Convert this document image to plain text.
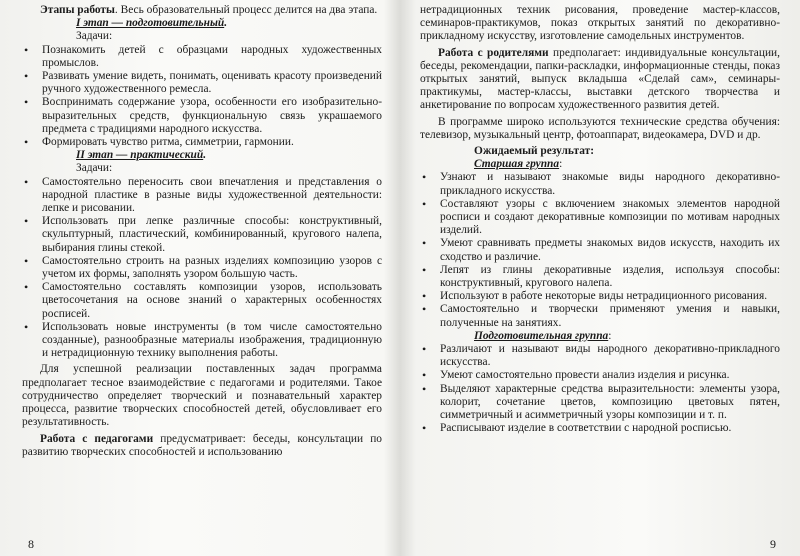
Этапы работы. Весь образовательный процесс делится на два этапа.

I этап — подготовительный.

Задачи:

• Познакомить детей с образцами народных художественных промыслов.
• Развивать умение видеть, понимать, оценивать красоту произведений ручного художественного ремесла.
• Воспринимать содержание узора, особенности его изобразительно-выразительных средств, функциональную связь украшаемого предмета с традициями народного искусства.
• Формировать чувство ритма, симметрии, гармонии.

II этап — практический.

Задачи:

• Самостоятельно переносить свои впечатления и представления о народной пластике в разные виды художественной деятельности: лепке и рисовании.
• Использовать при лепке различные способы: конструктивный, скульптурный, пластический, комбинированный, кругового налепа, выбирания глины стекой.
• Самостоятельно строить на разных изделиях композицию узоров с учетом их формы, заполнять узором большую часть.
• Самостоятельно составлять композиции узоров, использовать цветосочетания на основе знаний о характерных особенностях росписей.
• Использовать новые инструменты (в том числе самостоятельно созданные), разнообразные материалы изображения, традиционную и нетрадиционную технику выполнения работы.

Для успешной реализации поставленных задач программа предполагает тесное взаимодействие с педагогами и родителями. Такое сотрудничество определяет творческий и познавательный характер процесса, развитие творческих способностей детей, обусловливает его результативность.

Работа с педагогами предусматривает: беседы, консультации по развитию творческих способностей и использованию

8

нетрадиционных техник рисования, проведение мастер-классов, семинаров-практикумов, показ открытых занятий по декоративно-прикладному искусству, изготовление самодельных инструментов.

Работа с родителями предполагает: индивидуальные консультации, беседы, рекомендации, папки-раскладки, информационные стенды, показ открытых занятий, выпуск вкладыша «Сделай сам», семинары-практикумы, мастер-классы, выставки детского творчества и анкетирование по вопросам художественного развития детей.

В программе широко используются технические средства обучения: телевизор, музыкальный центр, фотоаппарат, видеокамера, DVD и др.

Ожидаемый результат:

Старшая группа:

• Узнают и называют знакомые виды народного декоративно-прикладного искусства.
• Составляют узоры с включением знакомых элементов народной росписи и создают декоративные композиции по мотивам народных изделий.
• Умеют сравнивать предметы знакомых видов искусств, находить их сходство и различие.
• Лепят из глины декоративные изделия, используя способы: конструктивный, кругового налепа.
• Используют в работе некоторые виды нетрадиционного рисования.
• Самостоятельно и творчески применяют умения и навыки, полученные на занятиях.

Подготовительная группа:

• Различают и называют виды народного декоративно-прикладного искусства.
• Умеют самостоятельно провести анализ изделия и рисунка.
• Выделяют характерные средства выразительности: элементы узора, колорит, сочетание цветов, композицию цветовых пятен, симметричный и асимметричный узоры композиции и т. п.
• Расписывают изделие в соответствии с народной росписью.
9
